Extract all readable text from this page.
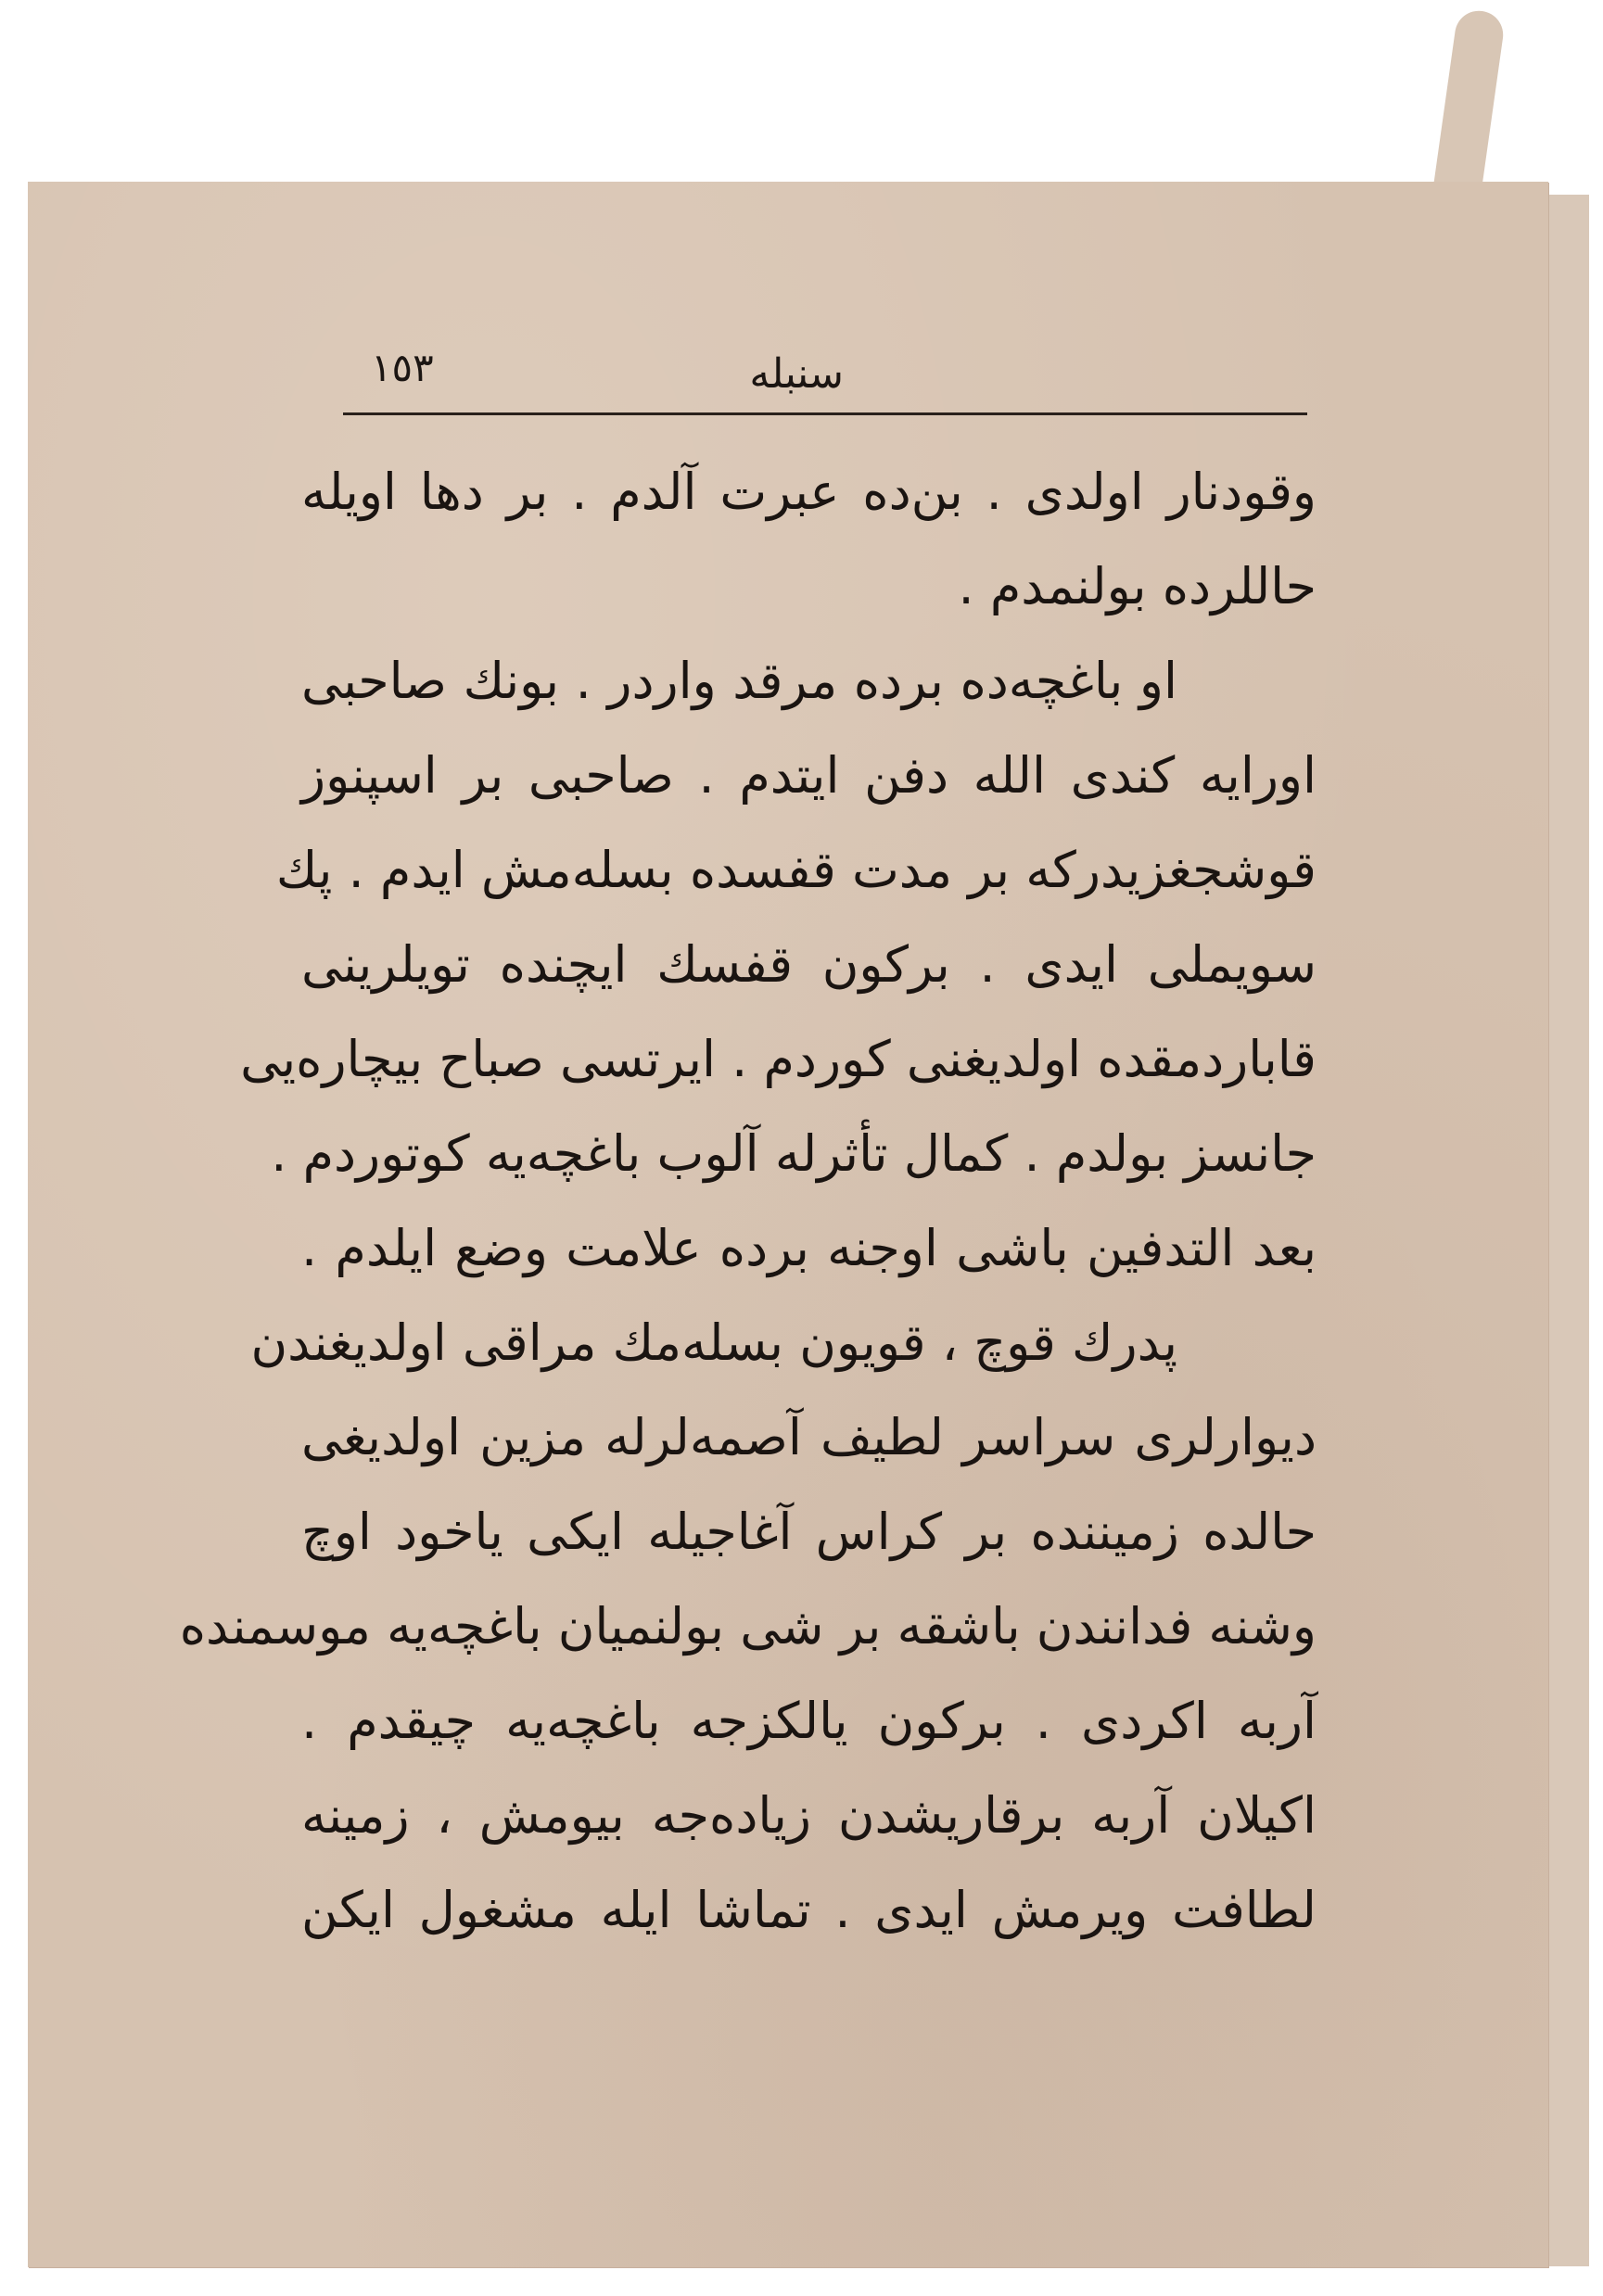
سنبله
١٥٣
وقودنار اولدی . بن‌ده عبرت آلدم . بر دها اویله
حاللرده بولنمدم .
او باغچه‌ده برده مرقد واردر . بونك صاحبی
اورایه کندی الله دفن ایتدم . صاحبی بر اسپنوز
قوشجغزیدرکه بر مدت قفسده بسله‌مش ایدم . پك
سویملی ایدی . برکون قفسك ایچنده تویلرینی
قاباردمقده اولدیغنی کوردم . ایرتسی صباح بیچاره‌یی
جانسز بولدم . کمال تأثرله آلوب باغچه‌یه کوتوردم .
بعد التدفین باشی اوجنه برده علامت وضع ایلدم .
پدرك قوچ ، قویون بسله‌مك مراقی اولدیغندن
دیوارلری سراسر لطیف آصمه‌لرله مزین اولدیغی
حالده زمیننده بر کراس آغاجیله ایکی یاخود اوچ
وشنه فدانندن باشقه بر شی بولنمیان باغچه‌یه موسمنده
آربه اکردی . برکون یالکزجه باغچه‌یه چیقدم .
اکیلان آربه برقاریشدن زیاده‌جه بیومش ، زمینه
لطافت ویرمش ایدی . تماشا ایله مشغول ایکن
